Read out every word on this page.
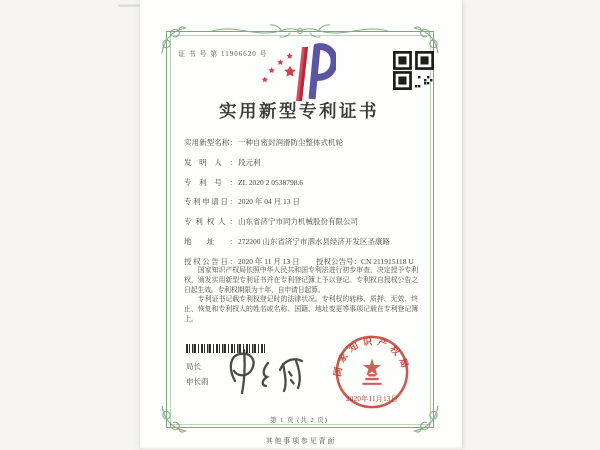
证 书 号 第 11906620 号
实用新型专利证书
实用新型名称：一种自密封润滑防尘整体式机轮
发明人：段元利
专利号：ZL 2020 2 0538798.6
专利申请日：2020 年 04 月 13 日
专利权人：山东省济宁市同力机械股份有限公司
地址：272200 山东省济宁市泗水县经济开发区圣康路
授权公告日：2020 年 11 月 13 日 授权公告号：CN 211915118 U

国家知识产权局依照中华人民共和国专利法进行初步审查，决定授予专利权，颁发实用新型专利证书并在专利登记簿上予以登记。专利权自授权公告之日起生效。专利权期限为十年，自申请日起算。

专利证书记载专利权登记时的法律状况。专利权的转移、质押、无效、终止、恢复和专利权人的姓名或名称、国籍、地址变更等事项记载在专利登记簿上。

局长
申长雨
国家知识产权局
2020年11月13日
第 1 页 (共 2 页)
其他事项参见背面
